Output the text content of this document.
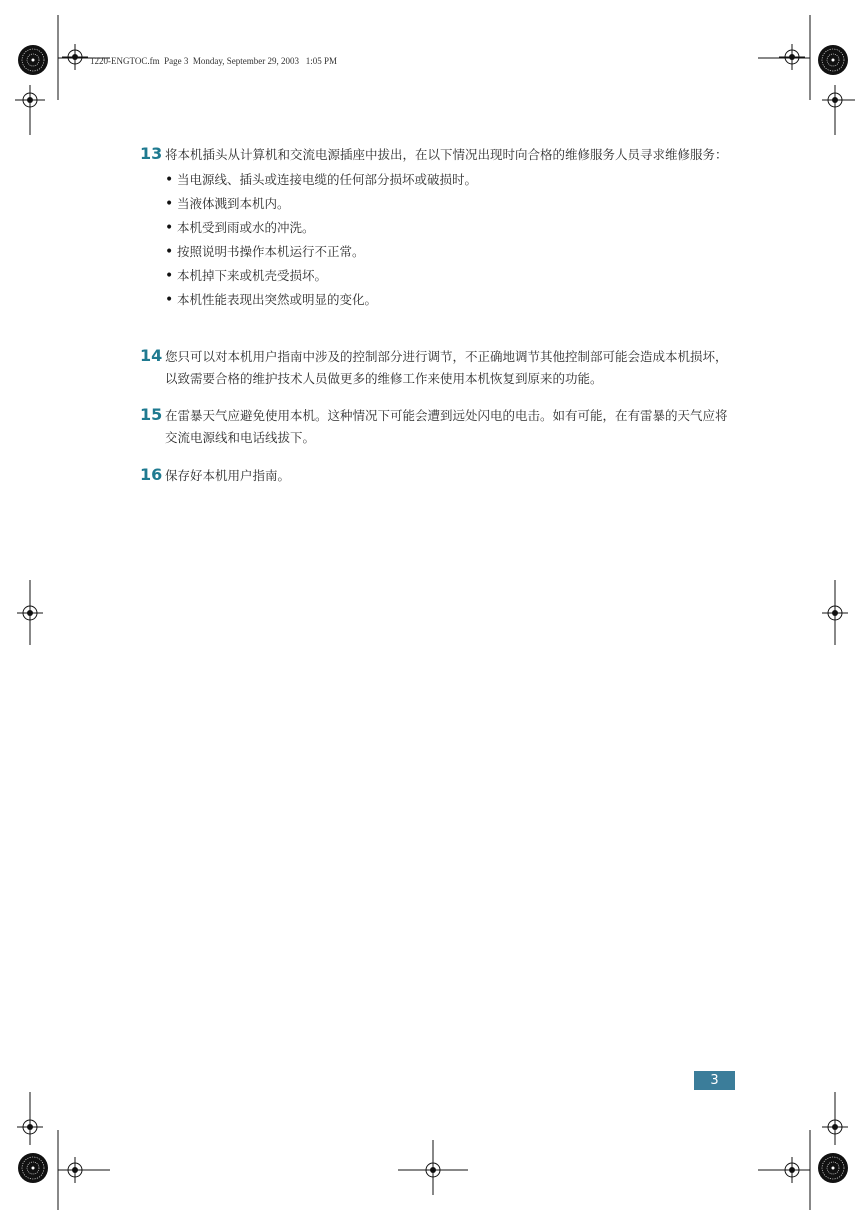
1220-ENGTOC.fm  Page 3  Monday, September 29, 2003   1:05 PM
13 将本机插头从计算机和交流电源插座中拔出，在以下情况出现时向合格的维修服务人员寻求维修服务：

• 当电源线、插头或连接电缆的任何部分损坏或破损时。
• 当液体溅到本机内。
• 本机受到雨或水的冲洗。
• 按照说明书操作本机运行不正常。
• 本机掉下来或机壳受损坏。
• 本机性能表现出突然或明显的变化。
14 您只可以对本机用户指南中涉及的控制部分进行调节，不正确地调节其他控制部可能会造成本机损坏，以致需要合格的维护技术人员做更多的维修工作来使用本机恢复到原来的功能。

15 在雷暴天气应避免使用本机。这种情况下可能会遭到远处闪电的电击。如有可能，在有雷暴的天气应将交流电源线和电话线拔下。

16 保存好本机用户指南。

3
